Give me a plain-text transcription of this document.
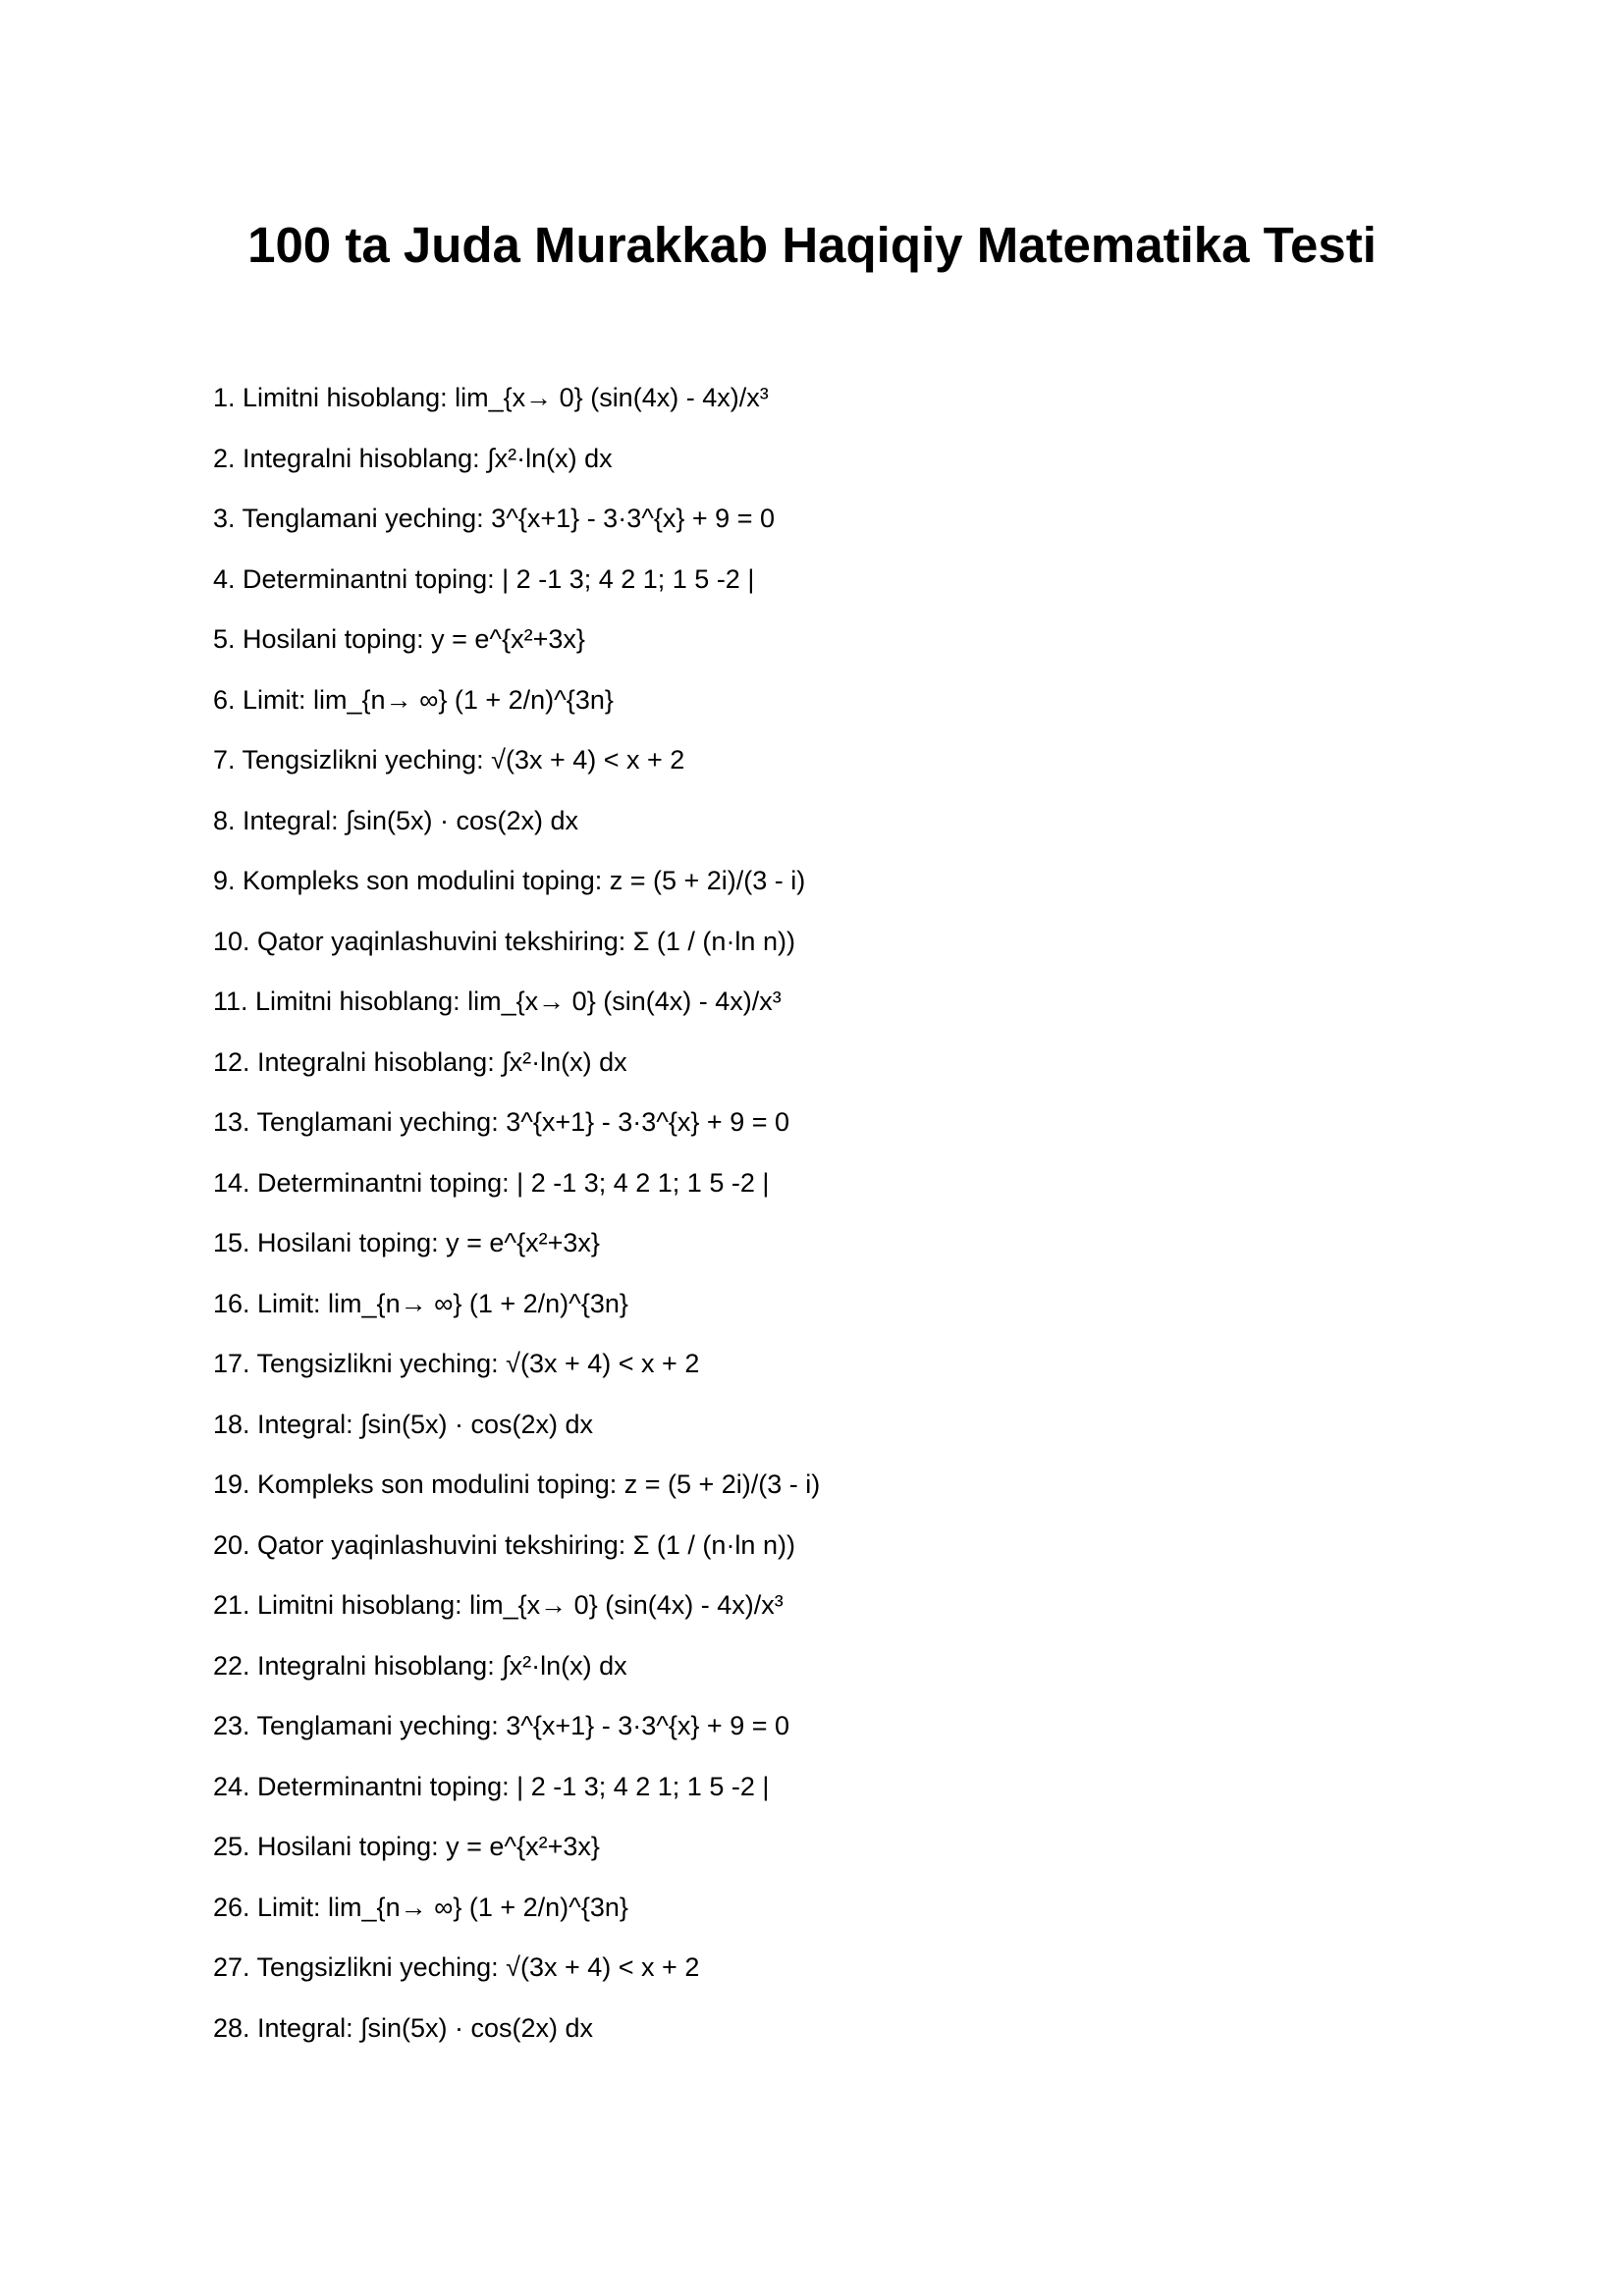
100 ta Juda Murakkab Haqiqiy Matematika Testi
1. Limitni hisoblang: lim_{x→ 0} (sin(4x) - 4x)/x³
2. Integralni hisoblang: ∫x²·ln(x) dx
3. Tenglamani yeching: 3^{x+1} - 3·3^{x} + 9 = 0
4. Determinantni toping: | 2 -1 3; 4 2 1; 1 5 -2 |
5. Hosilani toping: y = e^{x²+3x}
6. Limit: lim_{n→ ∞} (1 + 2/n)^{3n}
7. Tengsizlikni yeching: √(3x + 4) < x + 2
8. Integral: ∫sin(5x) · cos(2x) dx
9. Kompleks son modulini toping: z = (5 + 2i)/(3 - i)
10. Qator yaqinlashuvini tekshiring: Σ (1 / (n·ln n))
11. Limitni hisoblang: lim_{x→ 0} (sin(4x) - 4x)/x³
12. Integralni hisoblang: ∫x²·ln(x) dx
13. Tenglamani yeching: 3^{x+1} - 3·3^{x} + 9 = 0
14. Determinantni toping: | 2 -1 3; 4 2 1; 1 5 -2 |
15. Hosilani toping: y = e^{x²+3x}
16. Limit: lim_{n→ ∞} (1 + 2/n)^{3n}
17. Tengsizlikni yeching: √(3x + 4) < x + 2
18. Integral: ∫sin(5x) · cos(2x) dx
19. Kompleks son modulini toping: z = (5 + 2i)/(3 - i)
20. Qator yaqinlashuvini tekshiring: Σ (1 / (n·ln n))
21. Limitni hisoblang: lim_{x→ 0} (sin(4x) - 4x)/x³
22. Integralni hisoblang: ∫x²·ln(x) dx
23. Tenglamani yeching: 3^{x+1} - 3·3^{x} + 9 = 0
24. Determinantni toping: | 2 -1 3; 4 2 1; 1 5 -2 |
25. Hosilani toping: y = e^{x²+3x}
26. Limit: lim_{n→ ∞} (1 + 2/n)^{3n}
27. Tengsizlikni yeching: √(3x + 4) < x + 2
28. Integral: ∫sin(5x) · cos(2x) dx
